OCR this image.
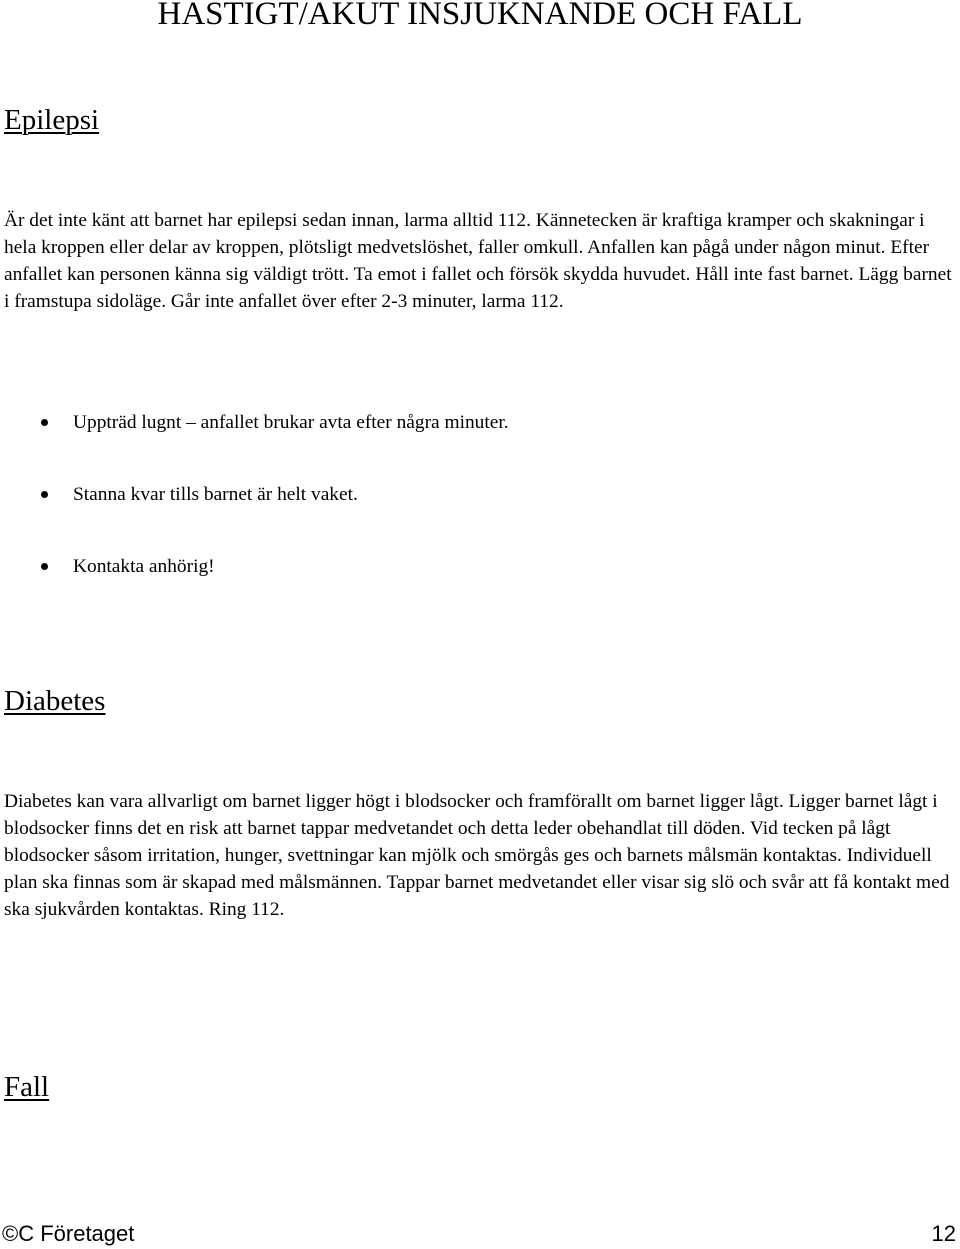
HASTIGT/AKUT INSJUKNANDE OCH FALL
Epilepsi

Är det inte känt att barnet har epilepsi sedan innan, larma alltid 112. Kännetecken är kraftiga kramper och skakningar i hela kroppen eller delar av kroppen, plötsligt medvetslöshet, faller omkull. Anfallen kan pågå under någon minut. Efter anfallet kan personen känna sig väldigt trött. Ta emot i fallet och försök skydda huvudet. Håll inte fast barnet. Lägg barnet i framstupa sidoläge. Går inte anfallet över efter 2-3 minuter, larma 112.

Uppträd lugnt – anfallet brukar avta efter några minuter.
Stanna kvar tills barnet är helt vaket.
Kontakta anhörig!
Diabetes

Diabetes kan vara allvarligt om barnet ligger högt i blodsocker och framförallt om barnet ligger lågt. Ligger barnet lågt i blodsocker finns det en risk att barnet tappar medvetandet och detta leder obehandlat till döden. Vid tecken på lågt blodsocker såsom irritation, hunger, svettningar kan mjölk och smörgås ges och barnets målsmän kontaktas. Individuell plan ska finnas som är skapad med målsmännen. Tappar barnet medvetandet eller visar sig slö och svår att få kontakt med ska sjukvården kontaktas. Ring 112.

Fall
©C Företaget	12
